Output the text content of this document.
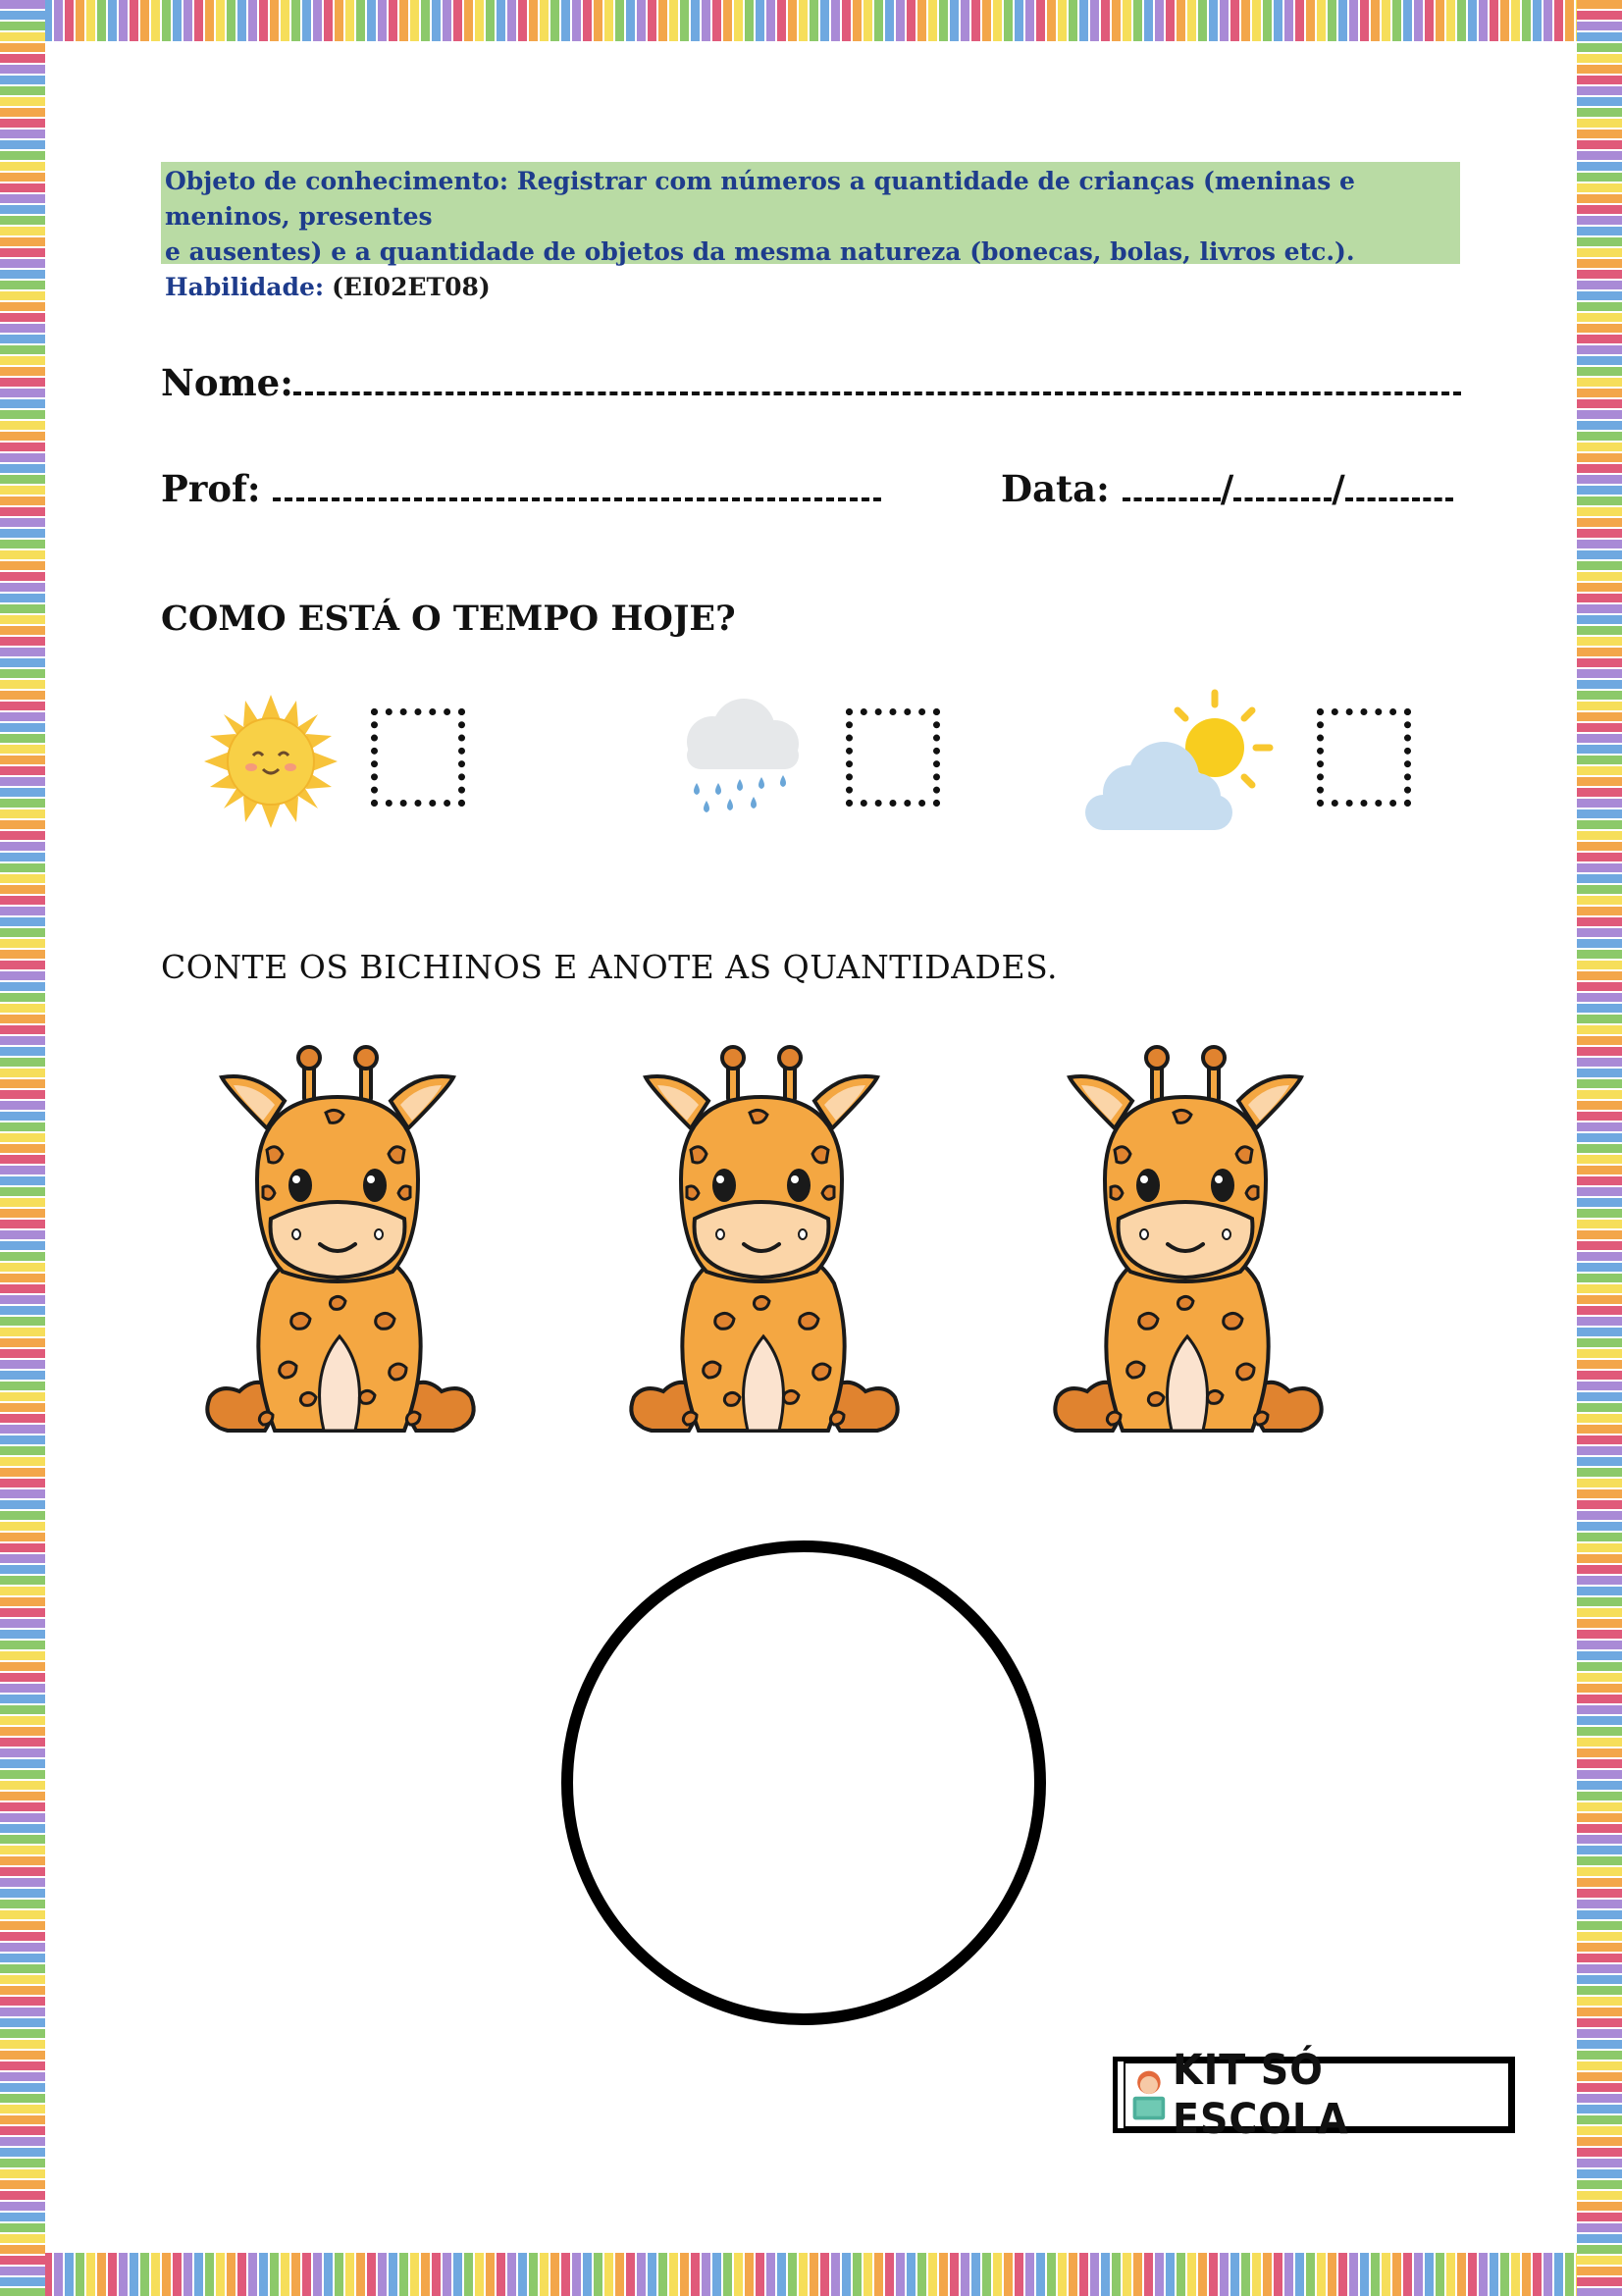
Objeto de conhecimento: Registrar com números a quantidade de crianças (meninas e meninos, presentes
e ausentes) e a quantidade de objetos da mesma natureza (bonecas, bolas, livros etc.).
Habilidade: (EI02ET08)
Nome:
Prof:	Data:	/	/
COMO ESTÁ O TEMPO HOJE?
CONTE OS BICHINOS E ANOTE AS QUANTIDADES.
KIT SÓ ESCOLA
